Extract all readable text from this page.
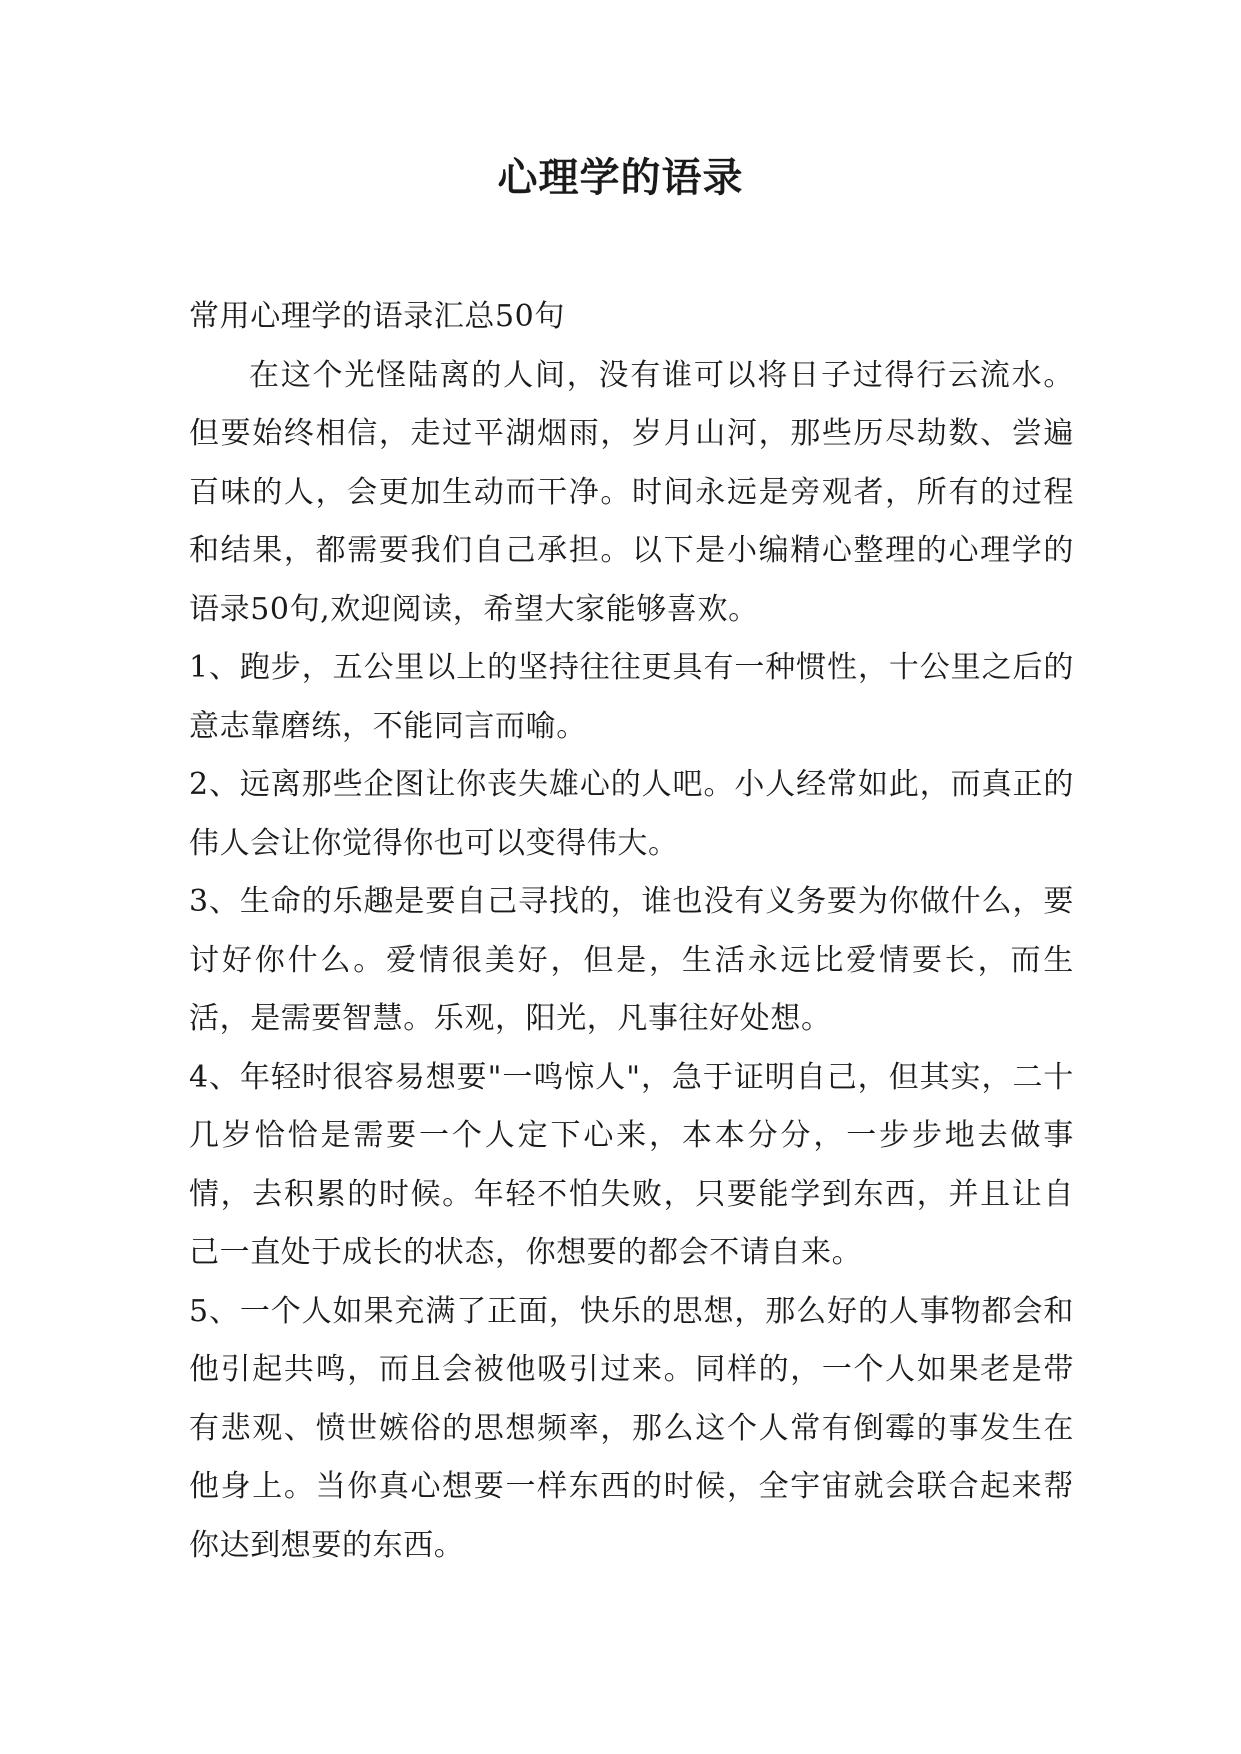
心理学的语录

常用心理学的语录汇总50句

在这个光怪陆离的人间，没有谁可以将日子过得行云流水。但要始终相信，走过平湖烟雨，岁月山河，那些历尽劫数、尝遍百味的人，会更加生动而干净。时间永远是旁观者，所有的过程和结果，都需要我们自己承担。以下是小编精心整理的心理学的语录50句,欢迎阅读，希望大家能够喜欢。

1、跑步，五公里以上的坚持往往更具有一种惯性，十公里之后的意志靠磨练，不能同言而喻。

2、远离那些企图让你丧失雄心的人吧。小人经常如此，而真正的伟人会让你觉得你也可以变得伟大。

3、生命的乐趣是要自己寻找的，谁也没有义务要为你做什么，要讨好你什么。爱情很美好，但是，生活永远比爱情要长，而生活，是需要智慧。乐观，阳光，凡事往好处想。

4、年轻时很容易想要"一鸣惊人"，急于证明自己，但其实，二十几岁恰恰是需要一个人定下心来，本本分分，一步步地去做事情，去积累的时候。年轻不怕失败，只要能学到东西，并且让自己一直处于成长的状态，你想要的都会不请自来。

5、一个人如果充满了正面，快乐的思想，那么好的人事物都会和他引起共鸣，而且会被他吸引过来。同样的，一个人如果老是带有悲观、愤世嫉俗的思想频率，那么这个人常有倒霉的事发生在他身上。当你真心想要一样东西的时候，全宇宙就会联合起来帮你达到想要的东西。
